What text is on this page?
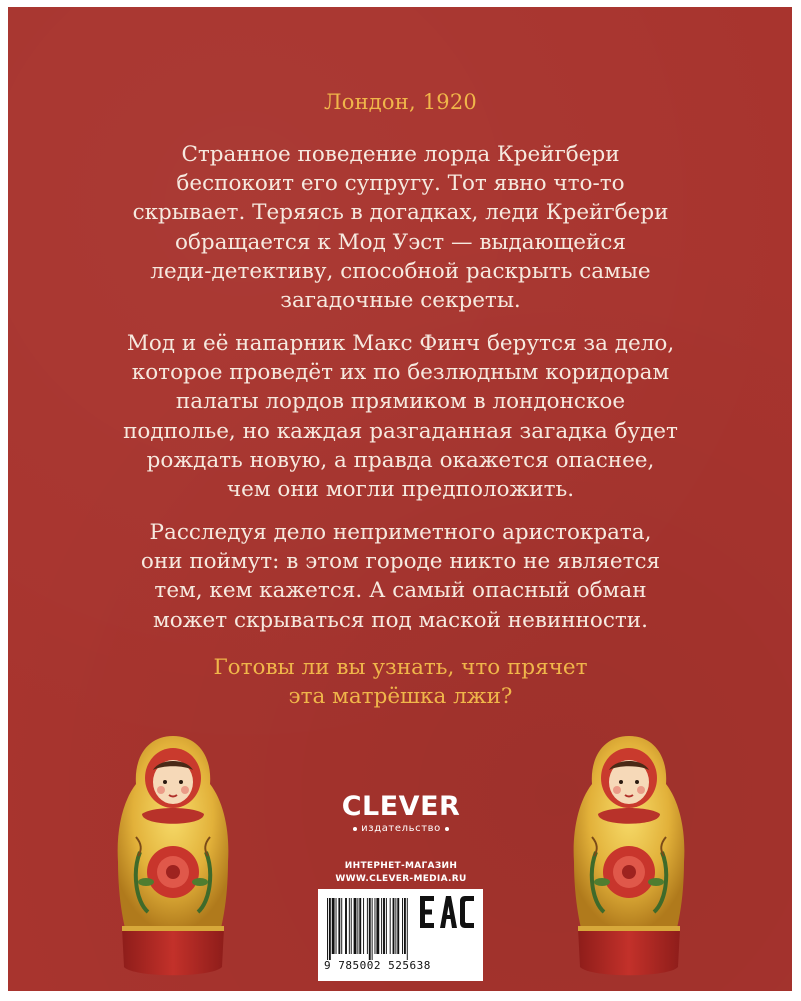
Лондон, 1920

Странное поведение лорда Крейгбери
беспокоит его супругу. Тот явно что-то
скрывает. Теряясь в догадках, леди Крейгбери
обращается к Мод Уэст — выдающейся
леди-детективу, способной раскрыть самые
загадочные секреты.

Мод и её напарник Макс Финч берутся за дело,
которое проведёт их по безлюдным коридорам
палаты лордов прямиком в лондонское
подполье, но каждая разгаданная загадка будет
рождать новую, а правда окажется опаснее,
чем они могли предположить.

Расследуя дело неприметного аристократа,
они поймут: в этом городе никто не является
тем, кем кажется. А самый опасный обман
может скрываться под маской невинности.

Готовы ли вы узнать, что прячет
эта матрёшка лжи?
CLEVER
издательство
ИНТЕРНЕТ-МАГАЗИН
WWW.CLEVER-MEDIA.RU
9 785002 525638
